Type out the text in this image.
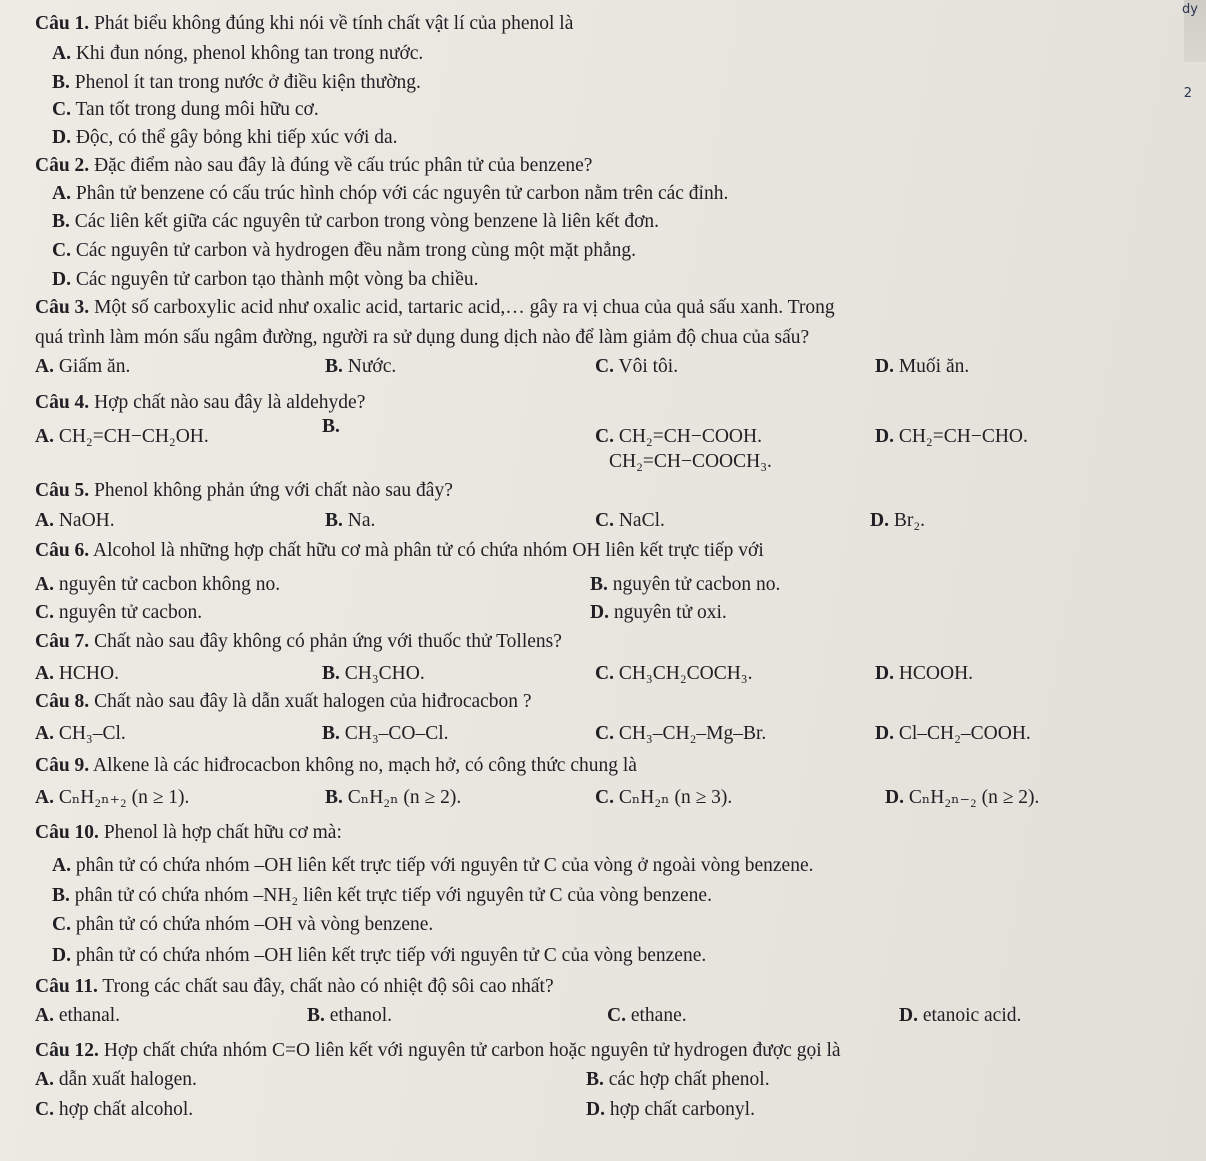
dy
2
Câu 1. Phát biểu không đúng khi nói về tính chất vật lí của phenol là
A. Khi đun nóng, phenol không tan trong nước.
B. Phenol ít tan trong nước ở điều kiện thường.
C. Tan tốt trong dung môi hữu cơ.
D. Độc, có thể gây bỏng khi tiếp xúc với da.
Câu 2. Đặc điểm nào sau đây là đúng về cấu trúc phân tử của benzene?
A. Phân tử benzene có cấu trúc hình chóp với các nguyên tử carbon nằm trên các đỉnh.
B. Các liên kết giữa các nguyên tử carbon trong vòng benzene là liên kết đơn.
C. Các nguyên tử carbon và hydrogen đều nằm trong cùng một mặt phẳng.
D. Các nguyên tử carbon tạo thành một vòng ba chiều.
Câu 3. Một số carboxylic acid như oxalic acid, tartaric acid,… gây ra vị chua của quả sấu xanh. Trong
quá trình làm món sấu ngâm đường, người ra sử dụng dung dịch nào để làm giảm độ chua của sấu?
A. Giấm ăn.	B. Nước.	C. Vôi tôi.	D. Muối ăn.
Câu 4. Hợp chất nào sau đây là aldehyde?
A. CH₂=CH−CH₂OH.	B.	C. CH₂=CH−COOH.	D. CH₂=CH−CHO.
CH₂=CH−COOCH₃.
Câu 5. Phenol không phản ứng với chất nào sau đây?
A. NaOH.	B. Na.	C. NaCl.	D. Br₂.
Câu 6. Alcohol là những hợp chất hữu cơ mà phân tử có chứa nhóm OH liên kết trực tiếp với
A. nguyên tử cacbon không no.	B. nguyên tử cacbon no.
C. nguyên tử cacbon.	D. nguyên tử oxi.
Câu 7. Chất nào sau đây không có phản ứng với thuốc thử Tollens?
A. HCHO.	B. CH₃CHO.	C. CH₃CH₂COCH₃.	D. HCOOH.
Câu 8. Chất nào sau đây là dẫn xuất halogen của hiđrocacbon ?
A. CH₃–Cl.	B. CH₃–CO–Cl.	C. CH₃–CH₂–Mg–Br.	D. Cl–CH₂–COOH.
Câu 9. Alkene là các hiđrocacbon không no, mạch hở, có công thức chung là
A. CₙH₂ₙ₊₂ (n ≥ 1).	B. CₙH₂ₙ (n ≥ 2).	C. CₙH₂ₙ (n ≥ 3).	D. CₙH₂ₙ₋₂ (n ≥ 2).
Câu 10. Phenol là hợp chất hữu cơ mà:
A. phân tử có chứa nhóm –OH liên kết trực tiếp với nguyên tử C của vòng ở ngoài vòng benzene.
B. phân tử có chứa nhóm –NH₂ liên kết trực tiếp với nguyên tử C của vòng benzene.
C. phân tử có chứa nhóm –OH và vòng benzene.
D. phân tử có chứa nhóm –OH liên kết trực tiếp với nguyên tử C của vòng benzene.
Câu 11. Trong các chất sau đây, chất nào có nhiệt độ sôi cao nhất?
A. ethanal.	B. ethanol.	C. ethane.	D. etanoic acid.
Câu 12. Hợp chất chứa nhóm C=O liên kết với nguyên tử carbon hoặc nguyên tử hydrogen được gọi là
A. dẫn xuất halogen.	B. các hợp chất phenol.
C. hợp chất alcohol.	D. hợp chất carbonyl.
